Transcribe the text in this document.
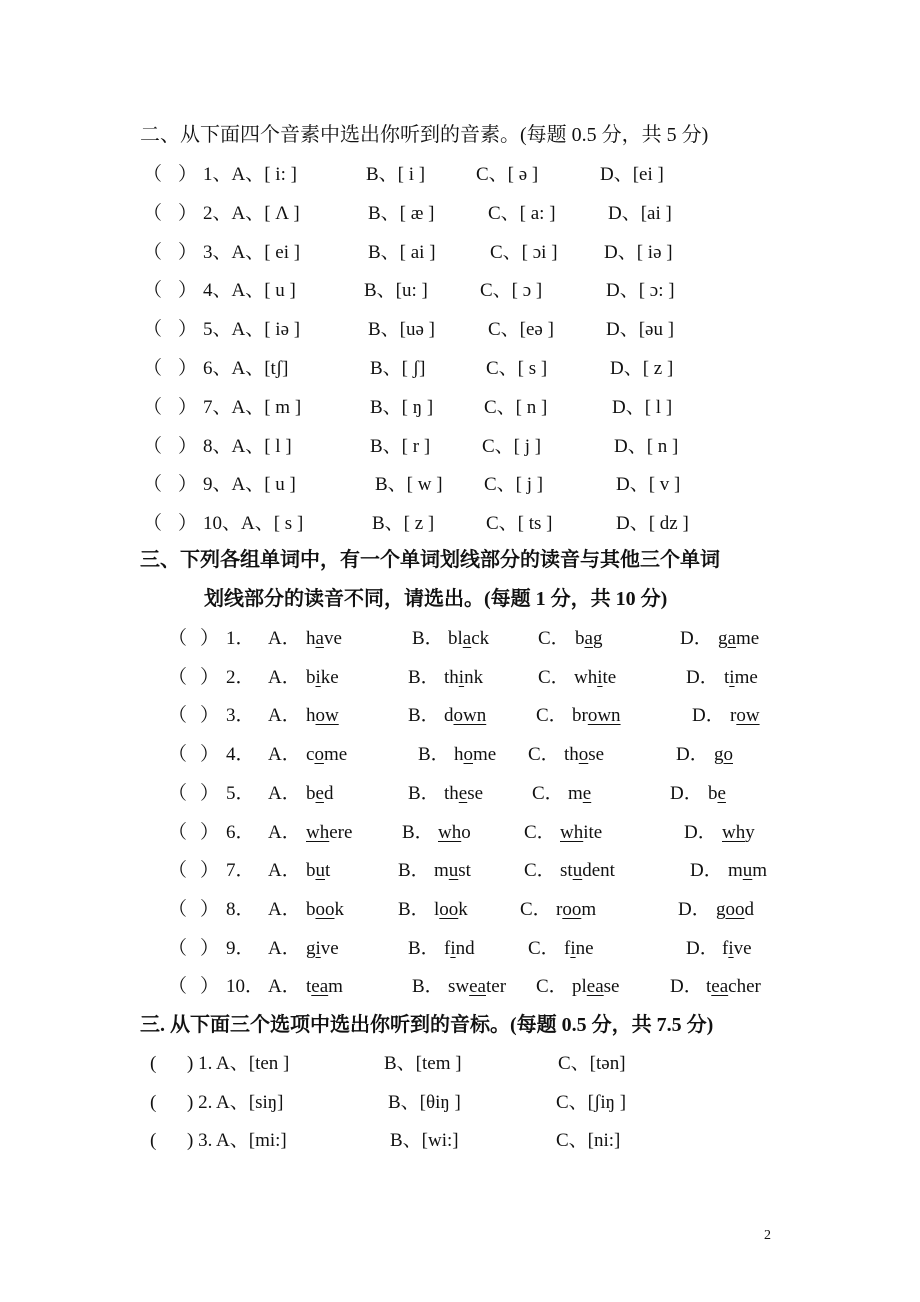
二、从下面四个音素中选出你听到的音素。(每题 0.5 分，共 5 分)
（ ） 1、A、[ i: ]	B、[ i ]	C、[ ə ]	D、[ei ]
（ ） 2、A、[ Λ ]	B、[ æ ]	C、[ a: ]	D、[ai ]
（ ） 3、A、[ ei ]	B、[ ai ]	C、[ ɔi ] D、[ iə ]
（ ） 4、A、[ u ]	B、[u: ]	C、[ ɔ ]	D、[ ɔ: ]
（ ） 5、A、[ iə ]	B、[uə ]	C、[eə ]	D、[əu ]
（ ） 6、A、[tʃ]	B、[ ʃ]	C、[ s ]	D、[ z ]
（ ） 7、A、[ m ]	B、[ ŋ ]	C、[ n ]	D、[ l ]
（ ） 8、A、[ l ]	B、[ r ]	C、[ j ]	D、[ n ]
（ ） 9、A、[ u ]	B、[ w ] C、[ j ]	D、[ v ]
（ ） 10、A、[ s ]	B、[ z ]	C、[ ts ]	D、[ dz ]
三、下列各组单词中，有一个单词划线部分的读音与其他三个单词
划线部分的读音不同，请选出。(每题 1 分，共 10 分)
（ ） 1． A． have	B． black	C． bag	D． game
（ ） 2． A． bike	B． think	C． white	D． time
（ ） 3． A． how	B． down	C． brown	D． row
（ ） 4． A． come	B． home C． those	D． go
（ ） 5． A． bed	B． these	C． me	D． be
（ ） 6． A． where	B． who	C． white	D． why
（ ） 7． A． but	B． must	C． student	D． mum
（ ） 8． A． book	B． look	C． room	D． good
（ ） 9． A． give	B． find	C． fine	D． five
（ ） 10． A． team	B． sweater C． please	D． teacher
三. 从下面三个选项中选出你听到的音标。(每题 0.5 分，共 7.5 分)
( ) 1. A、[ten ]	B、[tem ]	C、[tən]
( ) 2. A、[siŋ]	B、[θiŋ ]	C、[ʃiŋ ]
( ) 3. A、[mi:]	B、[wi:]	C、[ni:]
2
